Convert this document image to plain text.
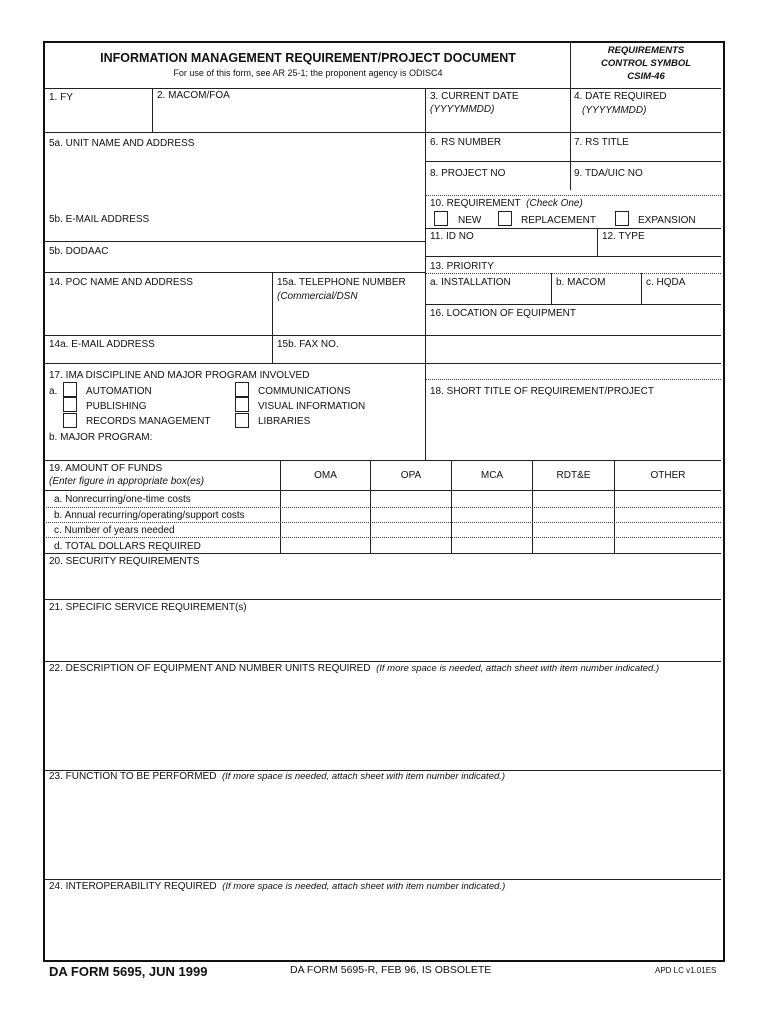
INFORMATION MANAGEMENT REQUIREMENT/PROJECT DOCUMENT
For use of this form, see AR 25-1; the proponent agency is ODISC4
REQUIREMENTS
CONTROL SYMBOL
CSIM-46
1. FY	2. MACOM/FOA	3. CURRENT DATE
(YYYYMMDD)
4. DATE REQUIRED
(YYYYMMDD)
5a. UNIT NAME AND ADDRESS	6. RS NUMBER	7. RS TITLE
8. PROJECT NO	9. TDA/UIC NO
10. REQUIREMENT (Check One)
NEW	REPLACEMENT	EXPANSION
5b. E-MAIL ADDRESS
11. ID NO	12. TYPE
5b. DODAAC
13. PRIORITY
a. INSTALLATION	b. MACOM	c. HQDA
16. LOCATION OF EQUIPMENT
14. POC NAME AND ADDRESS	15a. TELEPHONE NUMBER
(Commercial/DSN
14a. E-MAIL ADDRESS	15b. FAX NO.
17. IMA DISCIPLINE AND MAJOR PROGRAM INVOLVED
a.	AUTOMATION
PUBLISHING
RECORDS MANAGEMENT
COMMUNICATIONS
VISUAL INFORMATION
LIBRARIES
b. MAJOR PROGRAM:
18. SHORT TITLE OF REQUIREMENT/PROJECT
19. AMOUNT OF FUNDS
(Enter figure in appropriate box(es)
OMA	OPA	MCA	RDT&E	OTHER
a. Nonrecurring/one-time costs
b. Annual recurring/operating/support costs
c. Number of years needed
d. TOTAL DOLLARS REQUIRED
20. SECURITY REQUIREMENTS
21. SPECIFIC SERVICE REQUIREMENT(s)
22. DESCRIPTION OF EQUIPMENT AND NUMBER UNITS REQUIRED (If more space is needed, attach sheet with item number indicated.)
23. FUNCTION TO BE PERFORMED (If more space is needed, attach sheet with item number indicated.)
24. INTEROPERABILITY REQUIRED (If more space is needed, attach sheet with item number indicated.)
DA FORM 5695, JUN 1999	DA FORM 5695-R, FEB 96, IS OBSOLETE	APD LC v1.01ES
